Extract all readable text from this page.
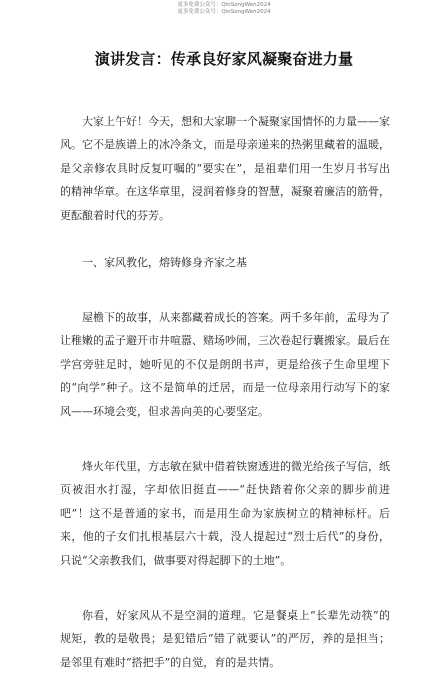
更多免费公众号：QinSongWen2024
更多免费公众号：QinSongWen2024
演讲发言：传承良好家风凝聚奋进力量

大家上午好！今天，想和大家聊一个凝聚家国情怀的力量——家风。它不是族谱上的冰冷条文，而是母亲递来的热粥里藏着的温暖，是父亲修农具时反复叮嘱的“要实在”，是祖辈们用一生岁月书写出的精神华章。在这华章里，浸润着修身的智慧，凝聚着廉洁的筋骨，更酝酿着时代的芬芳。

一、家风教化，熔铸修身齐家之基

屋檐下的故事，从来都藏着成长的答案。两千多年前，孟母为了让稚嫩的孟子避开市井喧嚣、赌场吵闹，三次卷起行囊搬家。最后在学宫旁驻足时，她听见的不仅是朗朗书声，更是给孩子生命里埋下的“向学”种子。这不是简单的迁居，而是一位母亲用行动写下的家风——环境会变，但求善向美的心要坚定。

烽火年代里，方志敏在狱中借着铁窗透进的微光给孩子写信，纸页被泪水打湿，字却依旧挺直——“赶快踏着你父亲的脚步前进吧”！这不是普通的家书，而是用生命为家族树立的精神标杆。后来，他的子女们扎根基层六十载，没人提起过“烈士后代”的身份，只说“父亲教我们，做事要对得起脚下的土地”。

你看，好家风从不是空洞的道理。它是餐桌上“长辈先动筷”的规矩，教的是敬畏；是犯错后“错了就要认”的严厉，养的是担当；是邻里有难时“搭把手”的自觉，育的是共情。
